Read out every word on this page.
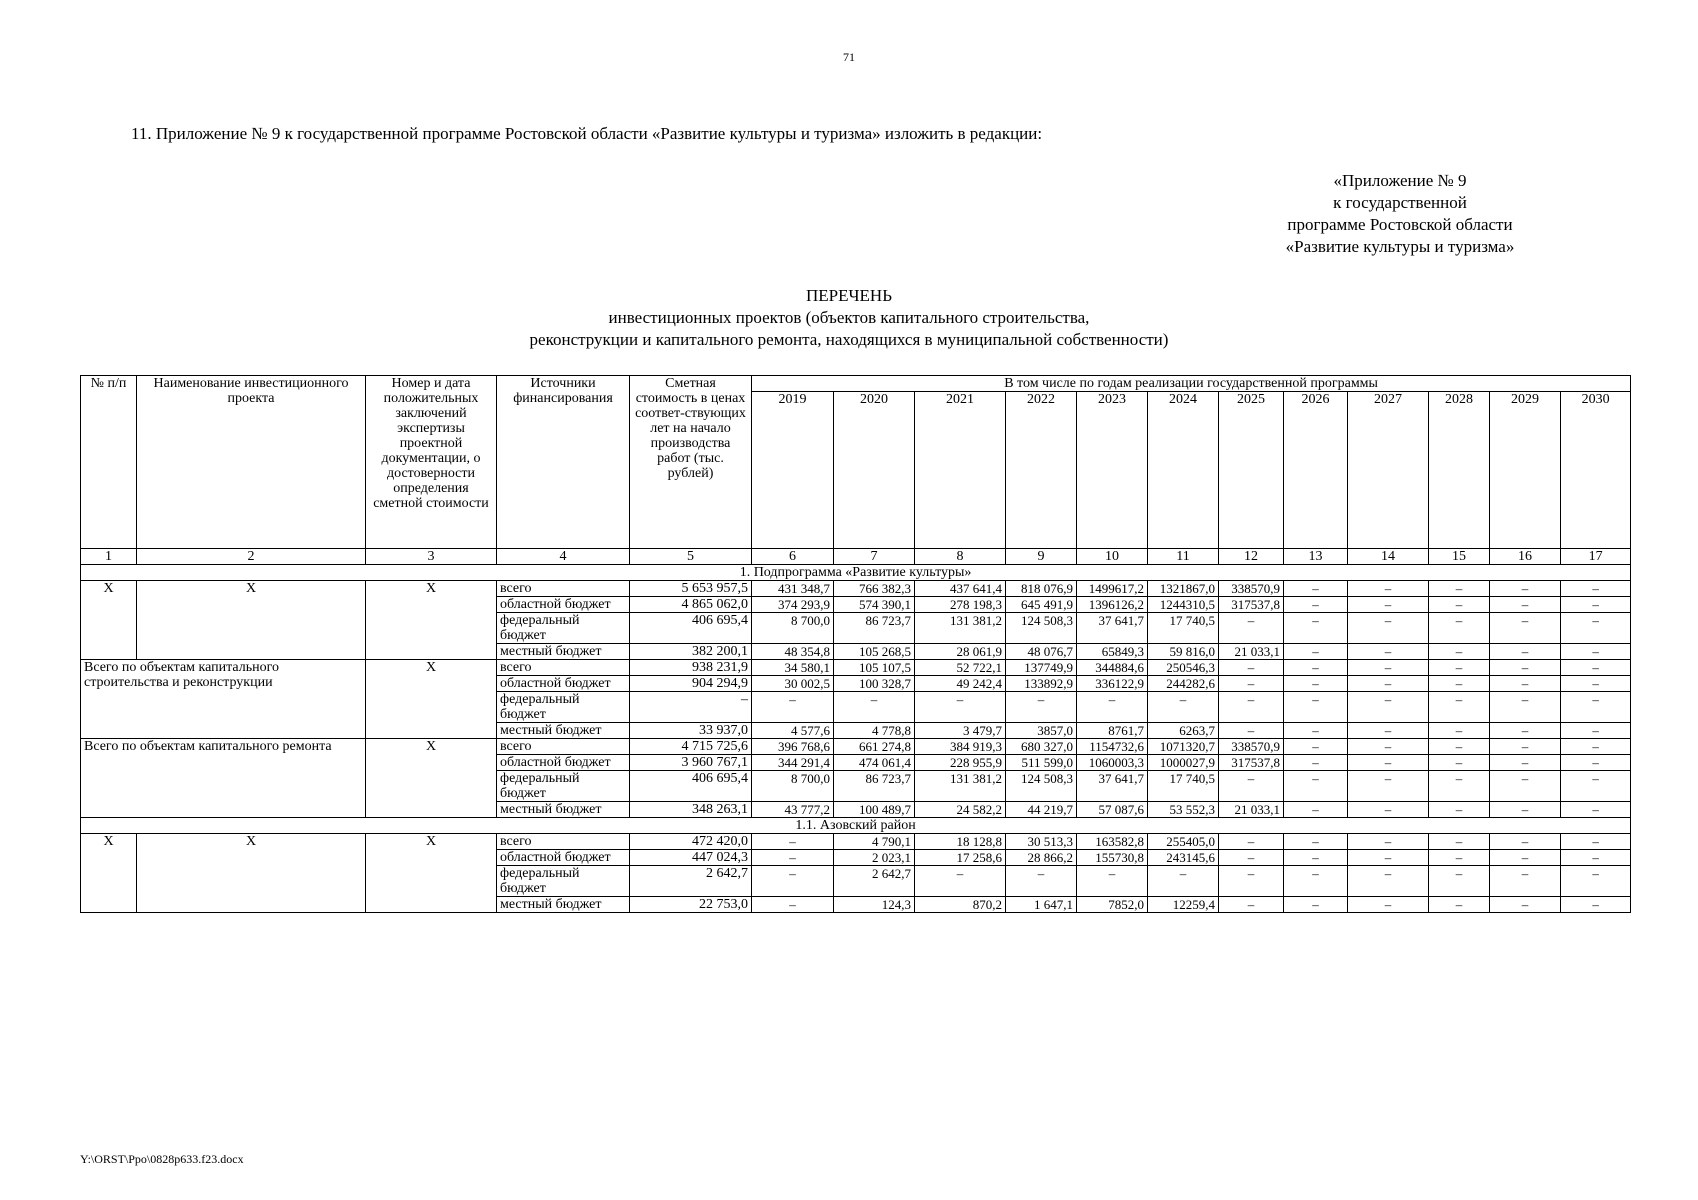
71
11. Приложение № 9 к государственной программе Ростовской области «Развитие культуры и туризма» изложить в редакции:
«Приложение № 9
к государственной
программе Ростовской области
«Развитие культуры и туризма»
ПЕРЕЧЕНЬ
инвестиционных проектов (объектов капитального строительства,
реконструкции и капитального ремонта, находящихся в муниципальной собственности)
№ п/п	Наименование инвестиционного проекта	Номер и дата положительных заключений экспертизы проектной документации, о достоверности определения сметной стоимости	Источники финансирования	Сметная стоимость в ценах соответ-ствующих лет на начало производства работ (тыс. рублей)	В том числе по годам реализации государственной программы											
					2019	2020	2021	2022	2023	2024	2025	2026	2027	2028	2029	2030
1	2	3	4	5	6	7	8	9	10	11	12	13	14	15	16	17
1. Подпрограмма «Развитие культуры»																
X	X	X	всего	5 653 957,5	431 348,7	766 382,3	437 641,4	818 076,9	1499617,2	1321867,0	338570,9	–	–	–	–	–
			областной бюджет	4 865 062,0	374 293,9	574 390,1	278 198,3	645 491,9	1396126,2	1244310,5	317537,8	–	–	–	–	–
			федеральный бюджет	406 695,4	8 700,0	86 723,7	131 381,2	124 508,3	37 641,7	17 740,5	–	–	–	–	–	–
			местный бюджет	382 200,1	48 354,8	105 268,5	28 061,9	48 076,7	65849,3	59 816,0	21 033,1	–	–	–	–	–
Всего по объектам капитального строительства и реконструкции		X	всего	938 231,9	34 580,1	105 107,5	52 722,1	137749,9	344884,6	250546,3	–	–	–	–	–	–
			областной бюджет	904 294,9	30 002,5	100 328,7	49 242,4	133892,9	336122,9	244282,6	–	–	–	–	–	–
			федеральный бюджет	–	–	–	–	–	–	–	–	–	–	–	–	–
			местный бюджет	33 937,0	4 577,6	4 778,8	3 479,7	3857,0	8761,7	6263,7	–	–	–	–	–	–
Всего по объектам капитального ремонта		X	всего	4 715 725,6	396 768,6	661 274,8	384 919,3	680 327,0	1154732,6	1071320,7	338570,9	–	–	–	–	–
			областной бюджет	3 960 767,1	344 291,4	474 061,4	228 955,9	511 599,0	1060003,3	1000027,9	317537,8	–	–	–	–	–
			федеральный бюджет	406 695,4	8 700,0	86 723,7	131 381,2	124 508,3	37 641,7	17 740,5	–	–	–	–	–	–
			местный бюджет	348 263,1	43 777,2	100 489,7	24 582,2	44 219,7	57 087,6	53 552,3	21 033,1	–	–	–	–	–
1.1. Азовский район																
X	X	X	всего	472 420,0	–	4 790,1	18 128,8	30 513,3	163582,8	255405,0	–	–	–	–	–	–
			областной бюджет	447 024,3	–	2 023,1	17 258,6	28 866,2	155730,8	243145,6	–	–	–	–	–	–
			федеральный бюджет	2 642,7	–	2 642,7	–	–	–	–	–	–	–	–	–	–
			местный бюджет	22 753,0	–	124,3	870,2	1 647,1	7852,0	12259,4	–	–	–	–	–	–
Y:\ORST\Ppo\0828p633.f23.docx
